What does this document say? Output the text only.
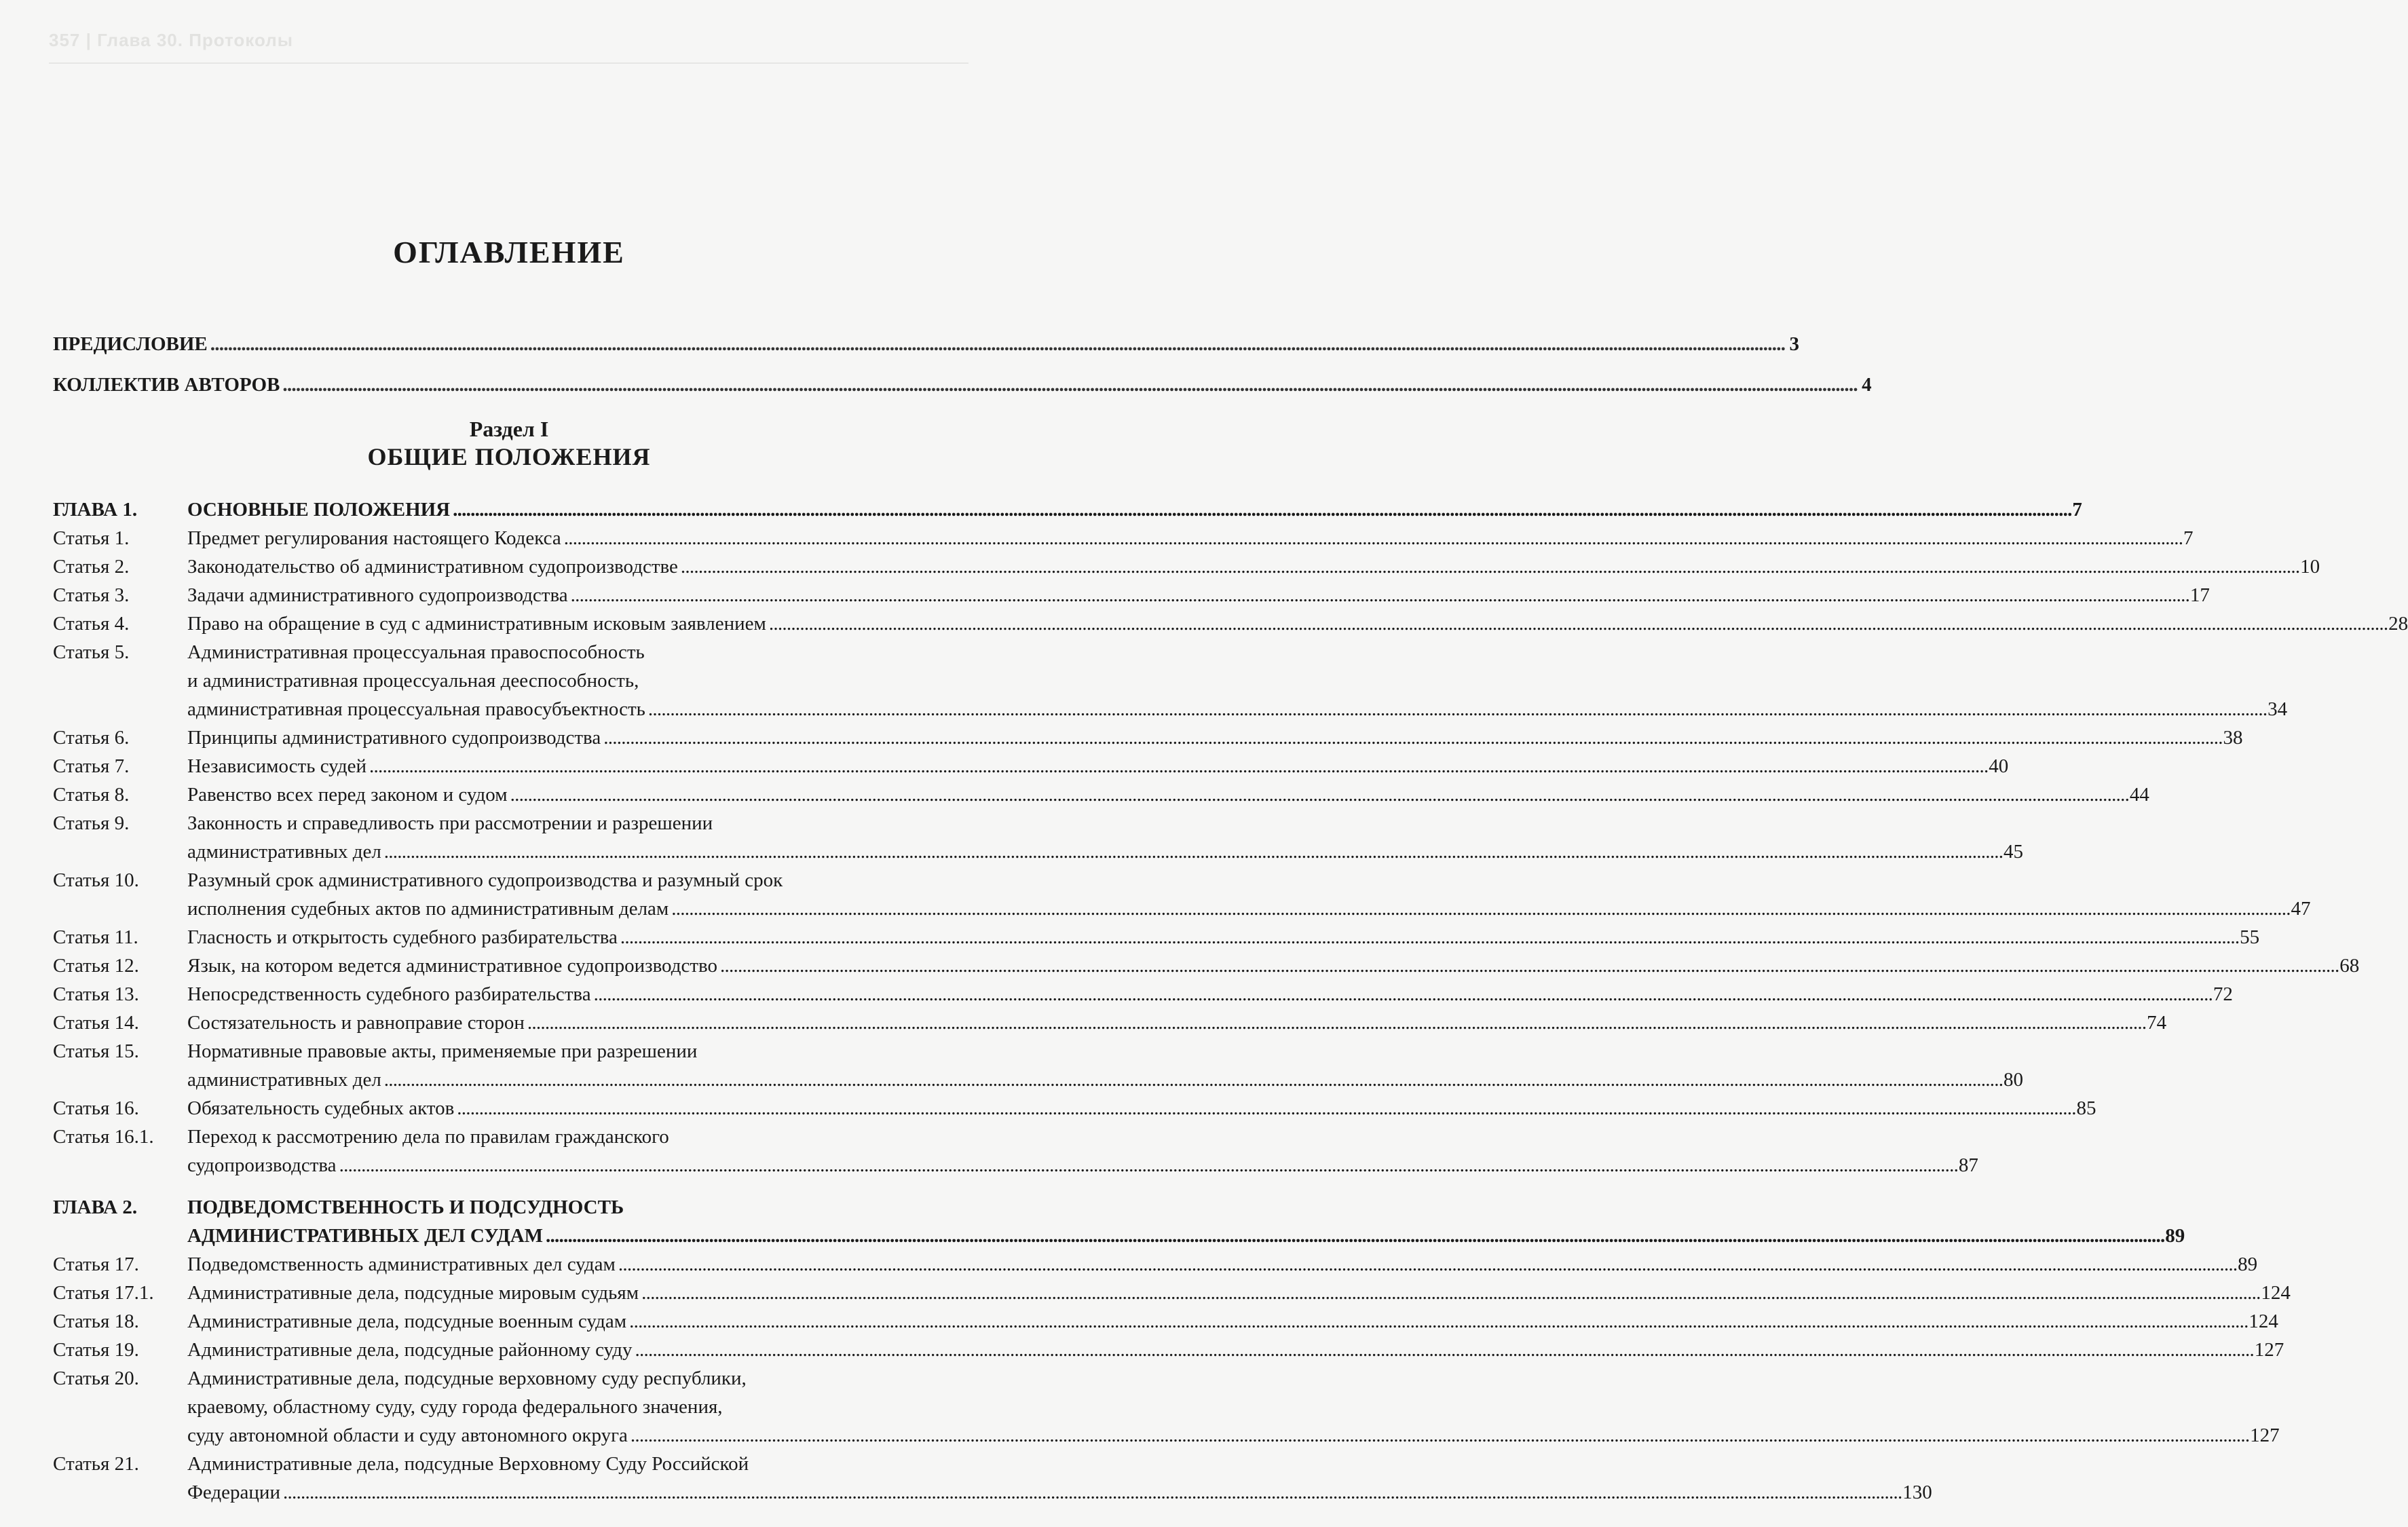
357 | Глава 30. Протоколы
ОГЛАВЛЕНИЕ
ПРЕДИСЛОВИЕ . . .	3
КОЛЛЕКТИВ АВТОРОВ . . .	4
Раздел I
ОБЩИЕ ПОЛОЖЕНИЯ
ГЛАВА 1.	ОСНОВНЫЕ ПОЛОЖЕНИЯ . . .	7
Статья 1.	Предмет регулирования настоящего Кодекса . . .	7
Статья 2.	Законодательство об административном судопроизводстве . . .	10
Статья 3.	Задачи административного судопроизводства . . .	17
Статья 4.	Право на обращение в суд с административным исковым заявлением . . .	28
Статья 5.	Административная процессуальная правоспособность
и административная процессуальная дееспособность,
административная процессуальная правосубъектность . . .	34
Статья 6.	Принципы административного судопроизводства . . .	38
Статья 7.	Независимость судей . . .	40
Статья 8.	Равенство всех перед законом и судом . . .	44
Статья 9.	Законность и справедливость при рассмотрении и разрешении
административных дел . . .	45
Статья 10.	Разумный срок административного судопроизводства и разумный срок
исполнения судебных актов по административным делам . . .	47
Статья 11.	Гласность и открытость судебного разбирательства . . .	55
Статья 12.	Язык, на котором ведется административное судопроизводство . . .	68
Статья 13.	Непосредственность судебного разбирательства . . .	72
Статья 14.	Состязательность и равноправие сторон . . .	74
Статья 15.	Нормативные правовые акты, применяемые при разрешении
административных дел . . .	80
Статья 16.	Обязательность судебных актов . . .	85
Статья 16.1.	Переход к рассмотрению дела по правилам гражданского
судопроизводства . . .	87
ГЛАВА 2.	ПОДВЕДОМСТВЕННОСТЬ И ПОДСУДНОСТЬ
АДМИНИСТРАТИВНЫХ ДЕЛ СУДАМ . . .	89
Статья 17.	Подведомственность административных дел судам . . .	89
Статья 17.1.	Административные дела, подсудные мировым судьям . . .	124
Статья 18.	Административные дела, подсудные военным судам . . .	124
Статья 19.	Административные дела, подсудные районному суду . . .	127
Статья 20.	Административные дела, подсудные верховному суду республики,
краевому, областному суду, суду города федерального значения,
суду автономной области и суду автономного округа . . .	127
Статья 21.	Административные дела, подсудные Верховному Суду Российской
Федерации . . .	130
